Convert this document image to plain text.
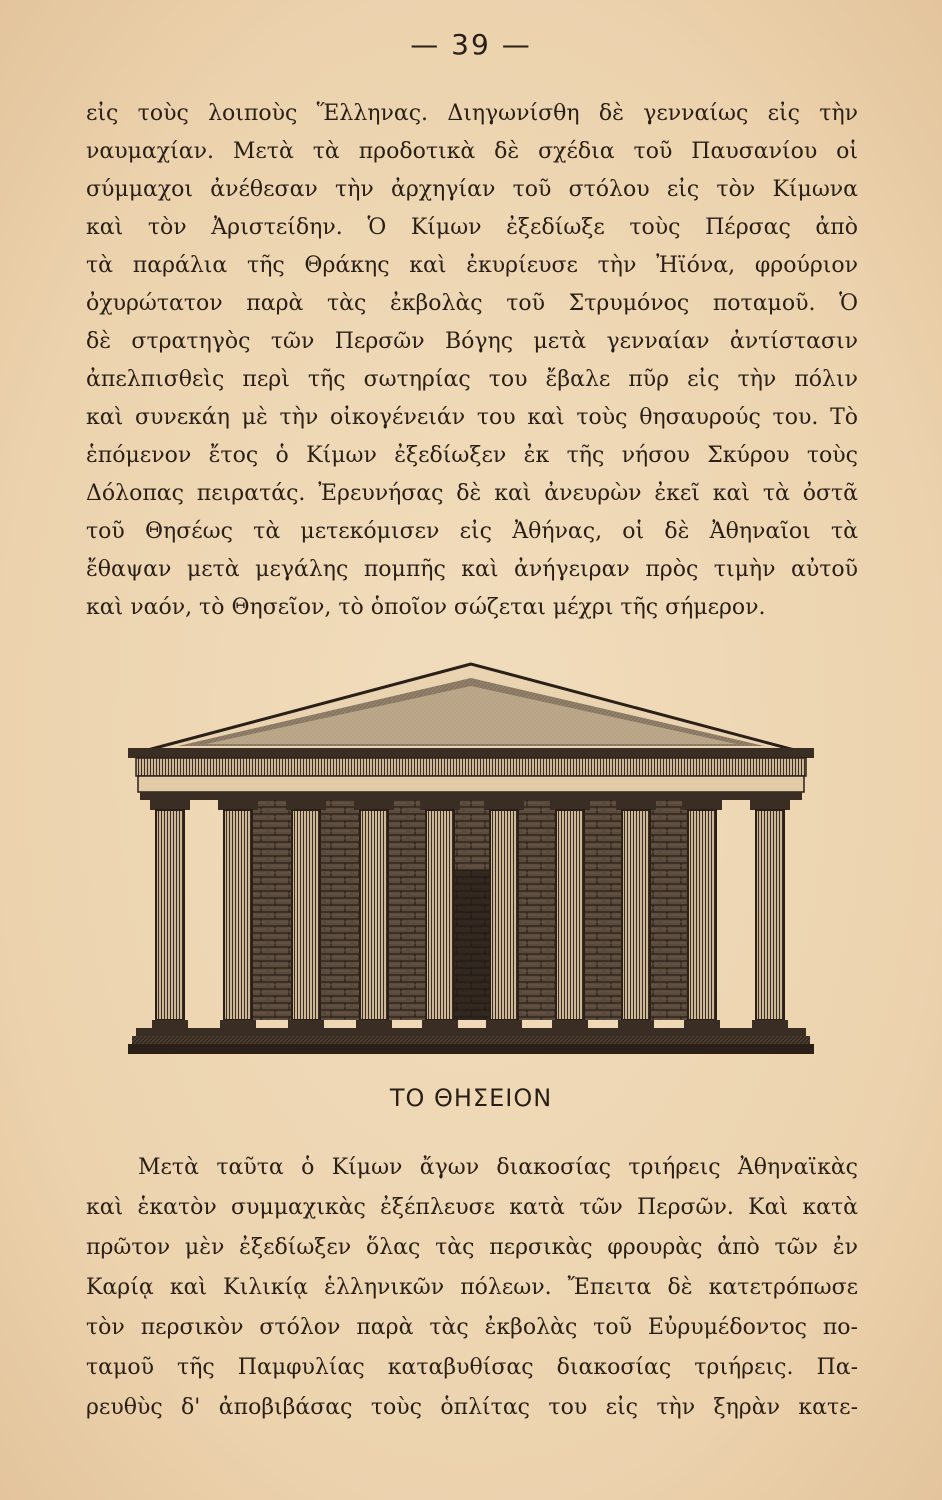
— 39 —
εἰς τοὺς λοιποὺς Ἕλληνας. Διηγωνίσθη δὲ γενναίως εἰς τὴν
ναυμαχίαν. Μετὰ τὰ προδοτικὰ δὲ σχέδια τοῦ Παυσανίου οἱ
σύμμαχοι ἀνέθεσαν τὴν ἀρχηγίαν τοῦ στόλου εἰς τὸν Κίμωνα
καὶ τὸν Ἀριστείδην. Ὁ Κίμων ἐξεδίωξε τοὺς Πέρσας ἀπὸ
τὰ παράλια τῆς Θράκης καὶ ἐκυρίευσε τὴν Ἠϊόνα, φρούριον
ὀχυρώτατον παρὰ τὰς ἐκβολὰς τοῦ Στρυμόνος ποταμοῦ. Ὁ
δὲ στρατηγὸς τῶν Περσῶν Βόγης μετὰ γενναίαν ἀντίστασιν
ἀπελπισθεὶς περὶ τῆς σωτηρίας του ἔβαλε πῦρ εἰς τὴν πόλιν
καὶ συνεκάη μὲ τὴν οἰκογένειάν του καὶ τοὺς θησαυρούς του. Τὸ
ἑπόμενον ἔτος ὁ Κίμων ἐξεδίωξεν ἐκ τῆς νήσου Σκύρου τοὺς
Δόλοπας πειρατάς. Ἐρευνήσας δὲ καὶ ἀνευρὼν ἐκεῖ καὶ τὰ ὀστᾶ
τοῦ Θησέως τὰ μετεκόμισεν εἰς Ἀθήνας, οἱ δὲ Ἀθηναῖοι τὰ
ἔθαψαν μετὰ μεγάλης πομπῆς καὶ ἀνήγειραν πρὸς τιμὴν αὐτοῦ
καὶ ναόν, τὸ Θησεῖον, τὸ ὁποῖον σώζεται μέχρι τῆς σήμερον.
ΤΟ ΘΗΣΕΙΟΝ
Μετὰ ταῦτα ὁ Κίμων ἄγων διακοσίας τριήρεις Ἀθηναϊκὰς
καὶ ἑκατὸν συμμαχικὰς ἐξέπλευσε κατὰ τῶν Περσῶν. Καὶ κατὰ
πρῶτον μὲν ἐξεδίωξεν ὅλας τὰς περσικὰς φρουρὰς ἀπὸ τῶν ἐν
Καρίᾳ καὶ Κιλικίᾳ ἑλληνικῶν πόλεων. Ἔπειτα δὲ κατετρόπωσε
τὸν περσικὸν στόλον παρὰ τὰς ἐκβολὰς τοῦ Εὐρυμέδοντος πο-
ταμοῦ τῆς Παμφυλίας καταβυθίσας διακοσίας τριήρεις. Πα-
ρευθὺς δ' ἀποβιβάσας τοὺς ὁπλίτας του εἰς τὴν ξηρὰν κατε-
